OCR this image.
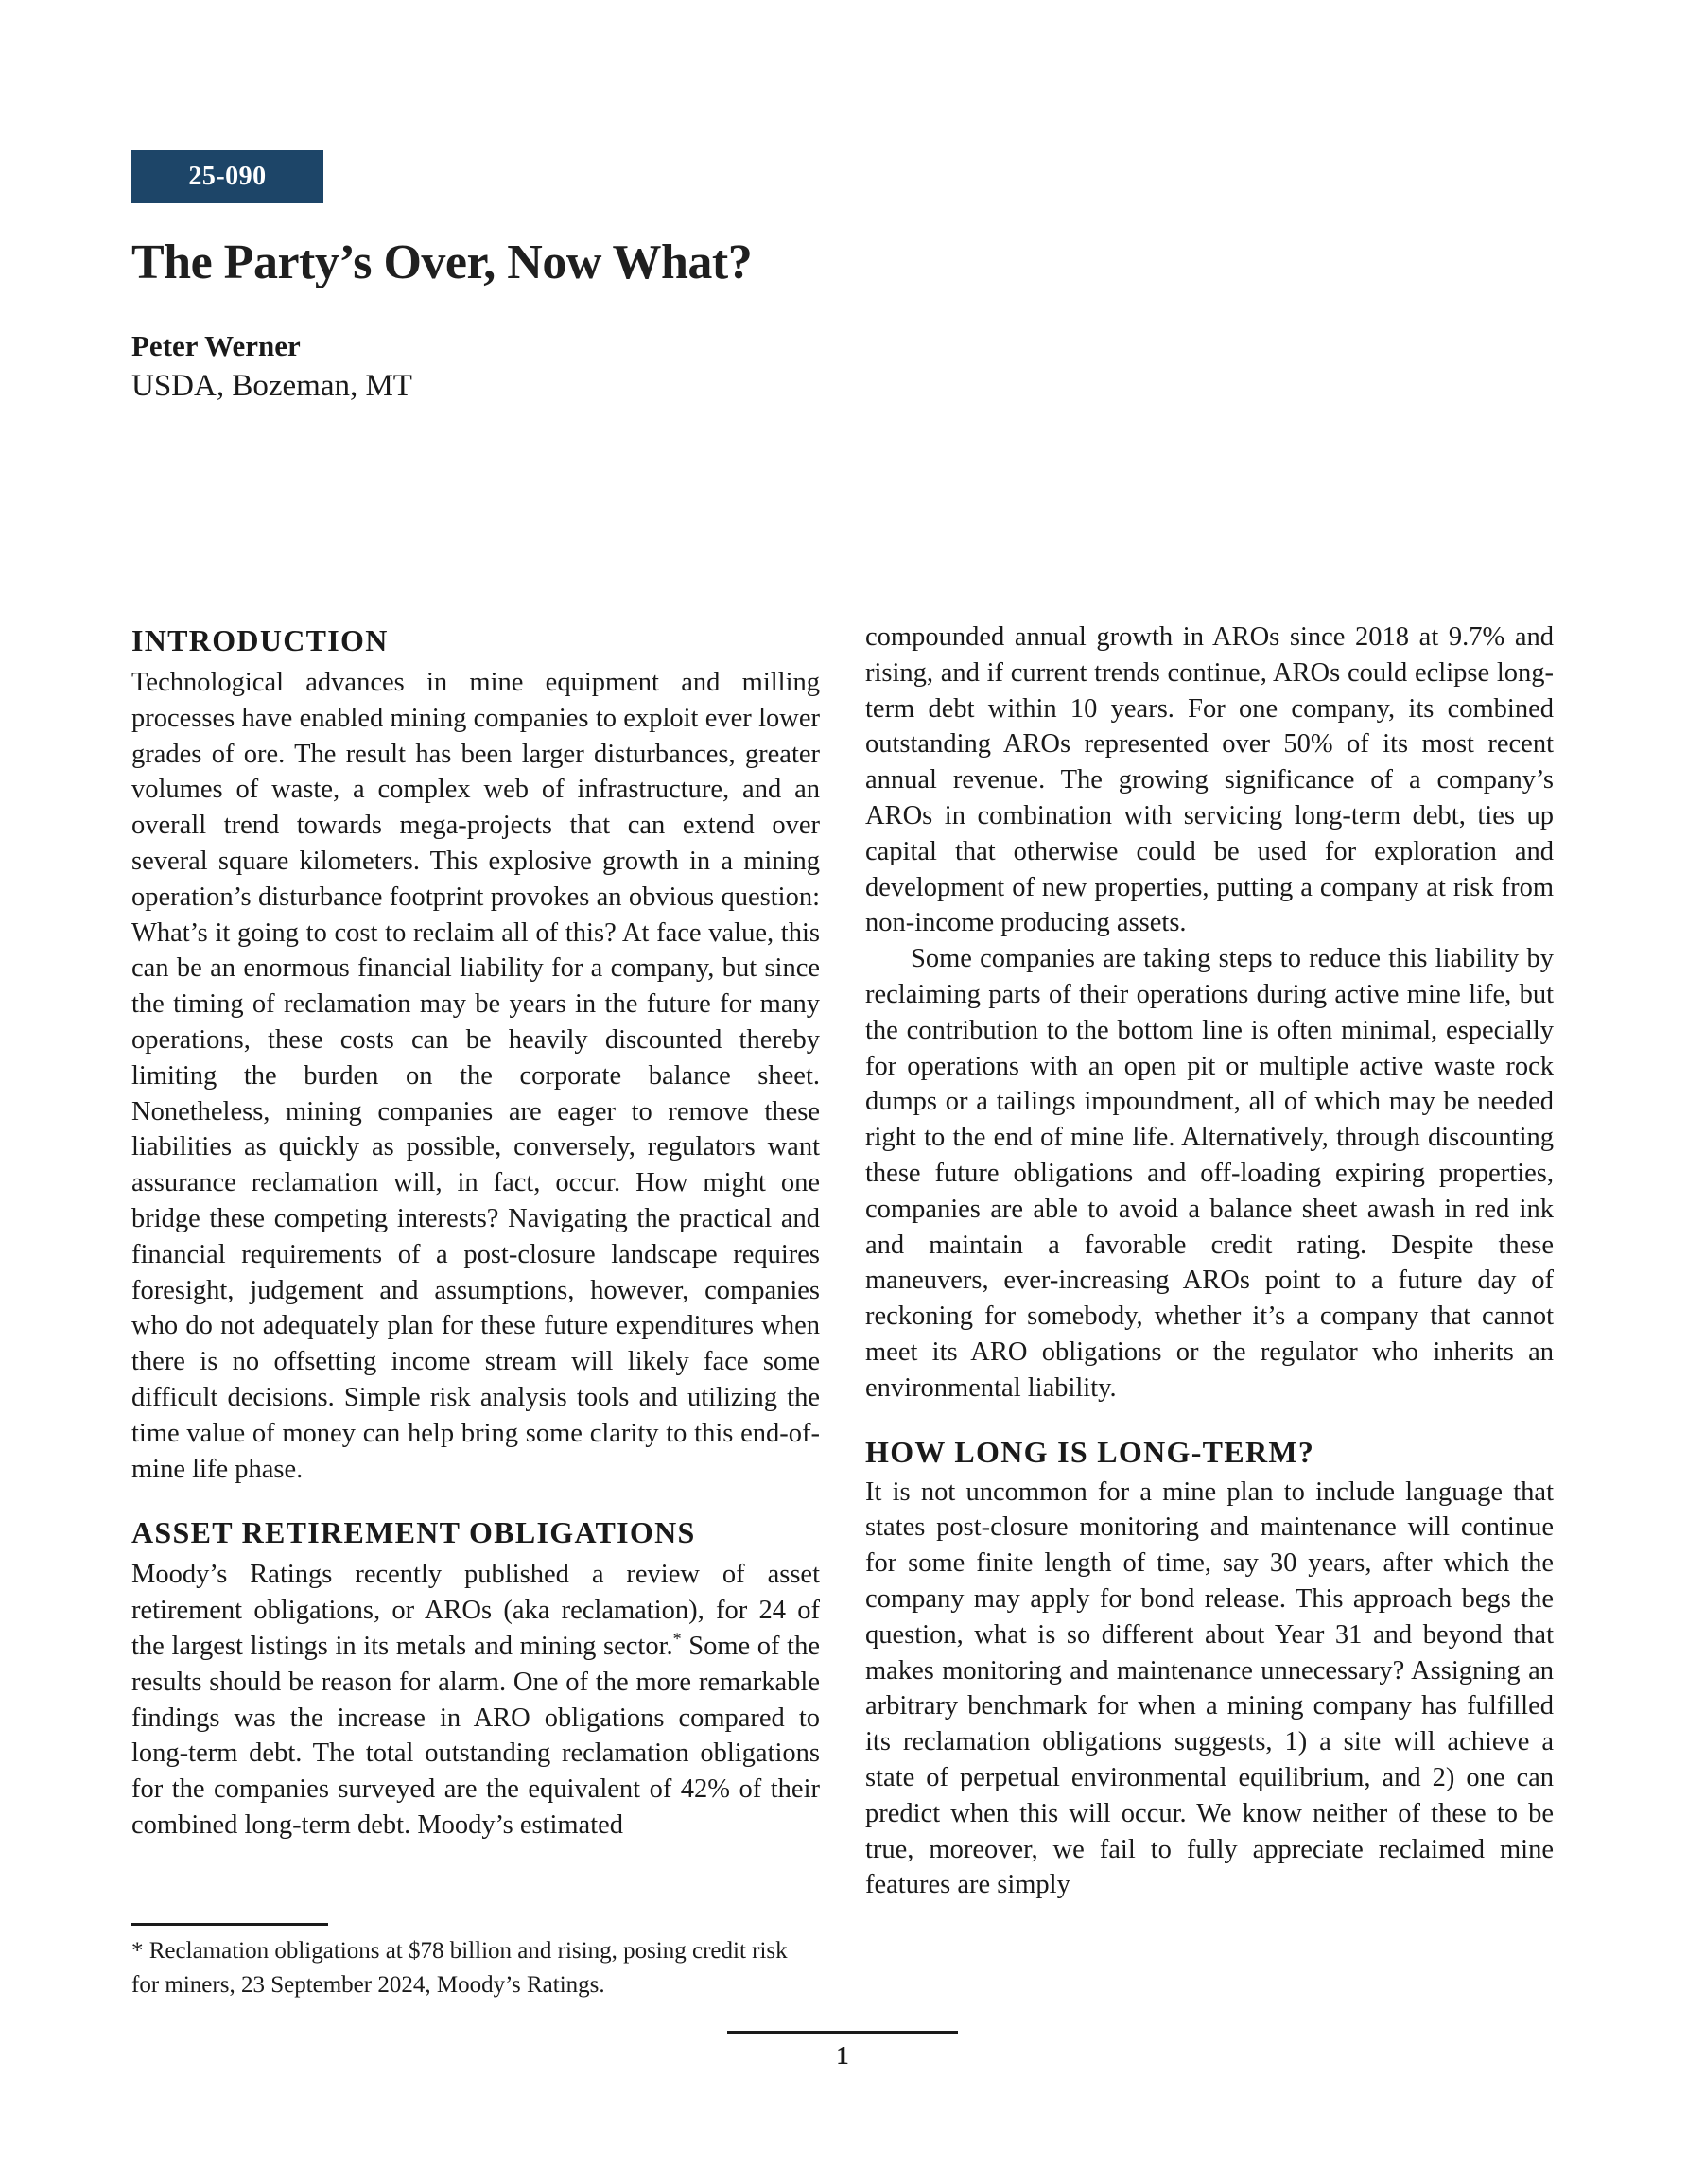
25-090
The Party’s Over, Now What?
Peter Werner
USDA, Bozeman, MT
INTRODUCTION

Technological advances in mine equipment and milling processes have enabled mining companies to exploit ever lower grades of ore. The result has been larger disturbances, greater volumes of waste, a complex web of infrastructure, and an overall trend towards mega-projects that can extend over several square kilometers. This explosive growth in a mining operation’s disturbance footprint provokes an obvious question: What’s it going to cost to reclaim all of this? At face value, this can be an enormous financial liability for a company, but since the timing of reclamation may be years in the future for many operations, these costs can be heavily discounted thereby limiting the burden on the corporate balance sheet. Nonetheless, mining companies are eager to remove these liabilities as quickly as possible, conversely, regulators want assurance reclamation will, in fact, occur. How might one bridge these competing interests? Navigating the practical and financial requirements of a post-closure landscape requires foresight, judgement and assumptions, however, companies who do not adequately plan for these future expenditures when there is no offsetting income stream will likely face some difficult decisions. Simple risk analysis tools and utilizing the time value of money can help bring some clarity to this end-of-mine life phase.

ASSET RETIREMENT OBLIGATIONS

Moody’s Ratings recently published a review of asset retirement obligations, or AROs (aka reclamation), for 24 of the largest listings in its metals and mining sector.* Some of the results should be reason for alarm. One of the more remarkable findings was the increase in ARO obligations compared to long-term debt. The total outstanding reclamation obligations for the companies surveyed are the equivalent of 42% of their combined long-term debt. Moody’s estimated

compounded annual growth in AROs since 2018 at 9.7% and rising, and if current trends continue, AROs could eclipse long-term debt within 10 years. For one company, its combined outstanding AROs represented over 50% of its most recent annual revenue. The growing significance of a company’s AROs in combination with servicing long-term debt, ties up capital that otherwise could be used for exploration and development of new properties, putting a company at risk from non-income producing assets.

Some companies are taking steps to reduce this liability by reclaiming parts of their operations during active mine life, but the contribution to the bottom line is often minimal, especially for operations with an open pit or multiple active waste rock dumps or a tailings impoundment, all of which may be needed right to the end of mine life. Alternatively, through discounting these future obligations and off-loading expiring properties, companies are able to avoid a balance sheet awash in red ink and maintain a favorable credit rating. Despite these maneuvers, ever-increasing AROs point to a future day of reckoning for somebody, whether it’s a company that cannot meet its ARO obligations or the regulator who inherits an environmental liability.

HOW LONG IS LONG-TERM?

It is not uncommon for a mine plan to include language that states post-closure monitoring and maintenance will continue for some finite length of time, say 30 years, after which the company may apply for bond release. This approach begs the question, what is so different about Year 31 and beyond that makes monitoring and maintenance unnecessary? Assigning an arbitrary benchmark for when a mining company has fulfilled its reclamation obligations suggests, 1) a site will achieve a state of perpetual environmental equilibrium, and 2) one can predict when this will occur. We know neither of these to be true, moreover, we fail to fully appreciate reclaimed mine features are simply

* Reclamation obligations at $78 billion and rising, posing credit risk for miners, 23 September 2024, Moody’s Ratings.
1
